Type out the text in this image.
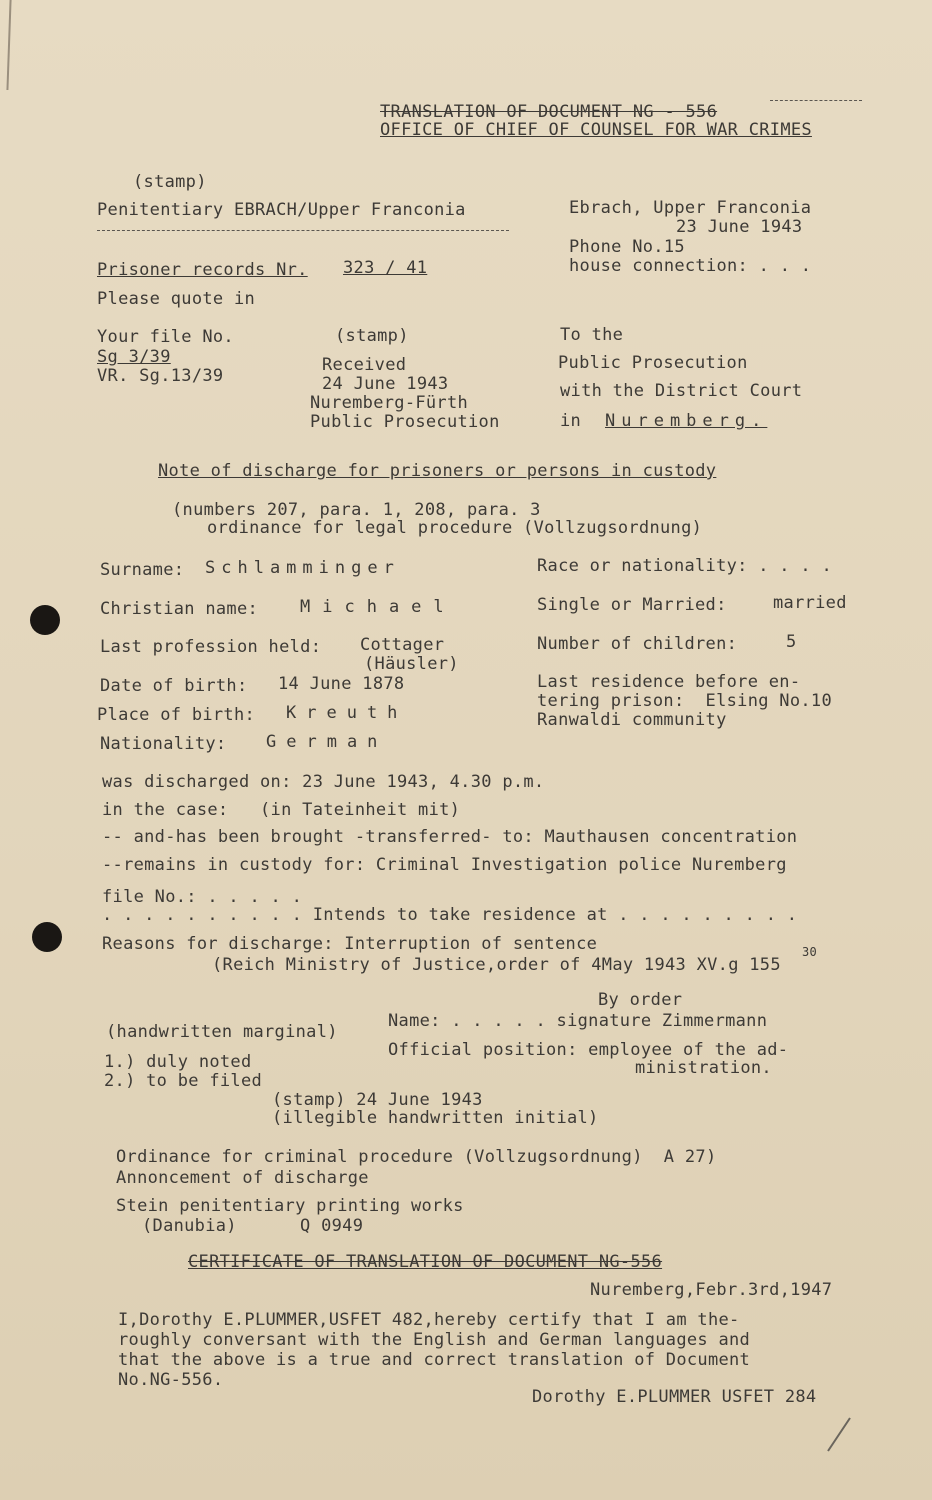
TRANSLATION OF DOCUMENT NG - 556
OFFICE OF CHIEF OF COUNSEL FOR WAR CRIMES
(stamp)
Penitentiary EBRACH/Upper Franconia
Prisoner records Nr. 323 / 41
Please quote in
Ebrach, Upper Franconia
23 June 1943
Phone No.15
house connection: . . .
Your file No.
Sg 3/39
VR. Sg.13/39
(stamp)
Received
24 June 1943
Nuremberg-Fürth
Public Prosecution
To the
Public Prosecution
with the District Court
in Nuremberg.
Note of discharge for prisoners or persons in custody
(numbers 207, para. 1, 208, para. 3
ordinance for legal procedure (Vollzugsordnung)
Surname: Schlamminger
Christian name: Michael
Last profession held: Cottager
(Häusler)
Date of birth: 14 June 1878
Place of birth: Kreuth
Nationality: German
Race or nationality: . . . .
Single or Married:	married
Number of children:	5
Last residence before en-
tering prison:  Elsing No.10
Ranwaldi community
was discharged on: 23 June 1943, 4.30 p.m.
in the case:   (in Tateinheit mit)
-- and-has been brought -transferred- to: Mauthausen concentration
--remains in custody for: Criminal Investigation police Nuremberg
file No.: . . . . .
. . . . . . . . . . Intends to take residence at . . . . . . . . .
Reasons for discharge: Interruption of sentence
(Reich Ministry of Justice,order of 4May 1943 XV.g 155
30
By order
(handwritten marginal)
Name: . . . . . signature Zimmermann
Official position: employee of the ad-
ministration.
1.) duly noted
2.) to be filed
(stamp) 24 June 1943
(illegible handwritten initial)
Ordinance for criminal procedure (Vollzugsordnung)  A 27)
Annoncement of discharge
Stein penitentiary printing works
(Danubia)      Q 0949
CERTIFICATE OF TRANSLATION OF DOCUMENT NG-556
Nuremberg,Febr.3rd,1947
I,Dorothy E.PLUMMER,USFET 482,hereby certify that I am the-
roughly conversant with the English and German languages and
that the above is a true and correct translation of Document
No.NG-556.
Dorothy E.PLUMMER USFET 284
